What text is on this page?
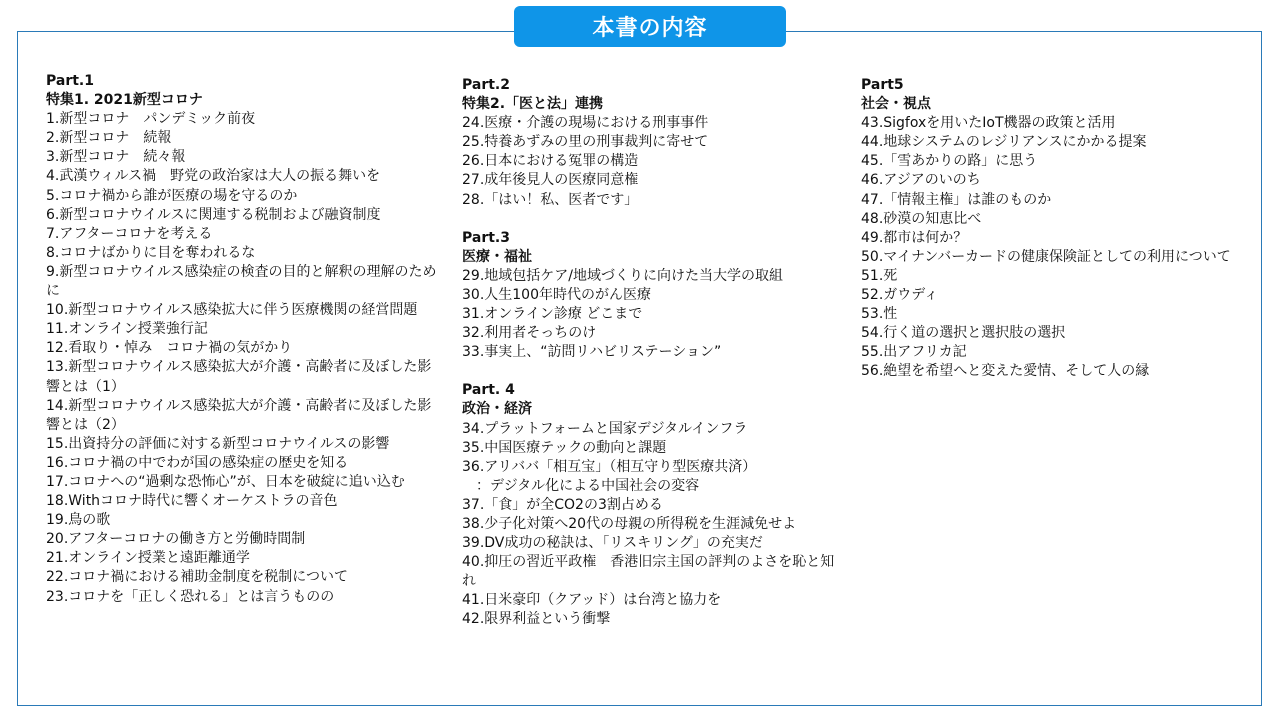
本書の内容
Part.1
特集1. 2021新型コロナ
1.新型コロナ　パンデミック前夜
2.新型コロナ　続報
3.新型コロナ　続々報
4.武漢ウィルス禍　野党の政治家は大人の振る舞いを
5.コロナ禍から誰が医療の場を守るのか
6.新型コロナウイルスに関連する税制および融資制度
7.アフターコロナを考える
8.コロナばかりに目を奪われるな
9.新型コロナウイルス感染症の検査の目的と解釈の理解のために
10.新型コロナウイルス感染拡大に伴う医療機関の経営問題
11.オンライン授業強行記
12.看取り・悼み　コロナ禍の気がかり
13.新型コロナウイルス感染拡大が介護・高齢者に及ぼした影響とは（1）
14.新型コロナウイルス感染拡大が介護・高齢者に及ぼした影響とは（2）
15.出資持分の評価に対する新型コロナウイルスの影響
16.コロナ禍の中でわが国の感染症の歴史を知る
17.コロナへの“過剰な恐怖心”が、日本を破綻に追い込む
18.Withコロナ時代に響くオーケストラの音色
19.鳥の歌
20.アフターコロナの働き方と労働時間制
21.オンライン授業と遠距離通学
22.コロナ禍における補助金制度を税制について
23.コロナを「正しく恐れる」とは言うものの
Part.2
特集2.「医と法」連携
24.医療・介護の現場における刑事事件
25.特養あずみの里の刑事裁判に寄せて
26.日本における冤罪の構造
27.成年後見人の医療同意権
28.「はい！私、医者です」
Part.3
医療・福祉
29.地域包括ケア/地域づくりに向けた当大学の取組
30.人生100年時代のがん医療
31.オンライン診療 どこまで
32.利用者そっちのけ
33.事実上、“訪問リハビリステーション”
Part. 4
政治・経済
34.プラットフォームと国家デジタルインフラ
35.中国医療テックの動向と課題
36.アリババ「相互宝」（相互守り型医療共済）
：デジタル化による中国社会の変容
37.「食」が全CO2の3割占める
38.少子化対策へ20代の母親の所得税を生涯減免せよ
39.DV成功の秘訣は、「リスキリング」の充実だ
40.抑圧の習近平政権　香港旧宗主国の評判のよさを恥と知れ
41.日米豪印（クアッド）は台湾と協力を
42.限界利益という衝撃
Part5
社会・視点
43.Sigfoxを用いたIoT機器の政策と活用
44.地球システムのレジリアンスにかかる提案
45.「雪あかりの路」に思う
46.アジアのいのち
47.「情報主権」は誰のものか
48.砂漠の知恵比べ
49.都市は何か？
50.マイナンバーカードの健康保険証としての利用について
51.死
52.ガウディ
53.性
54.行く道の選択と選択肢の選択
55.出アフリカ記
56.絶望を希望へと変えた愛情、そして人の縁
